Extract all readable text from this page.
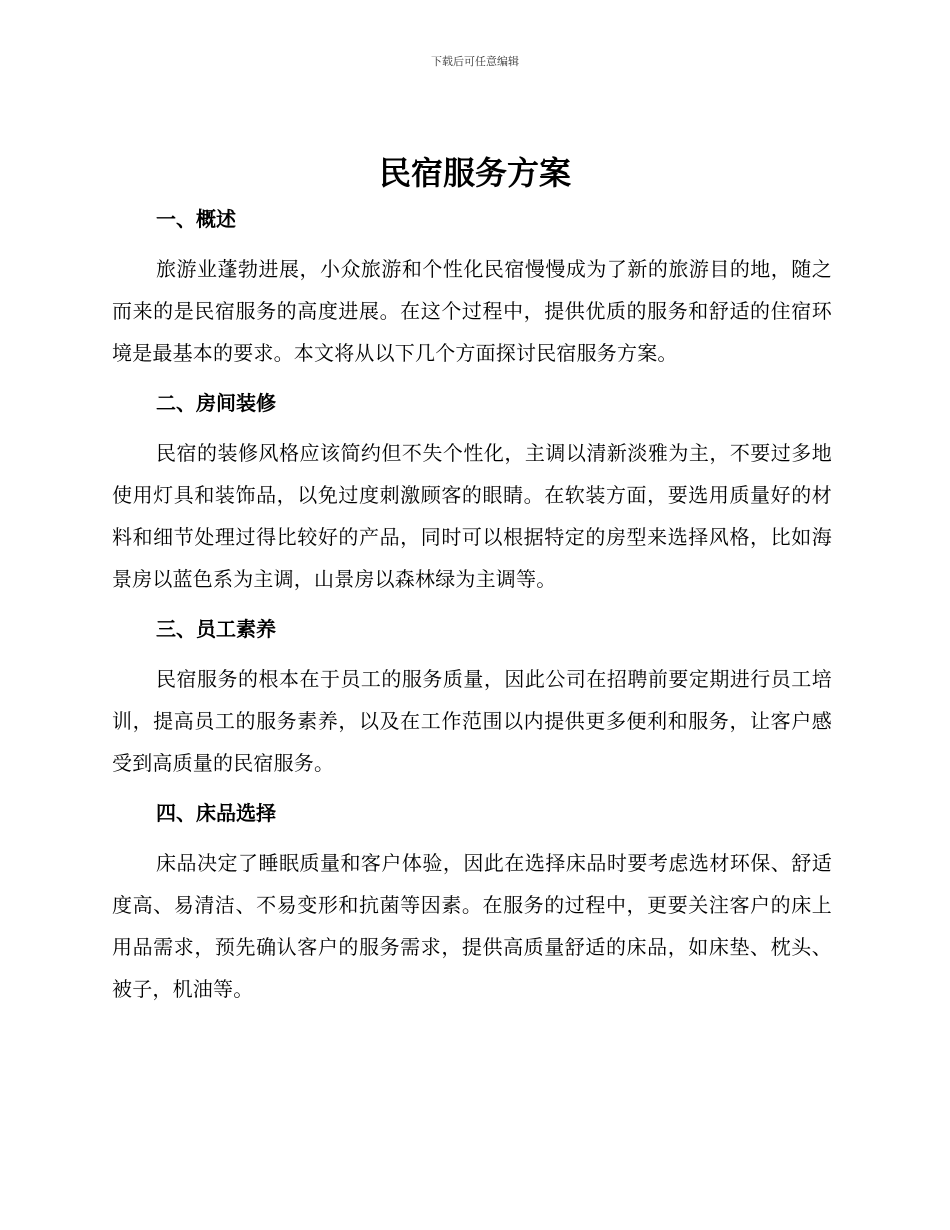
下载后可任意编辑
民宿服务方案
一、概述

旅游业蓬勃进展，小众旅游和个性化民宿慢慢成为了新的旅游目的地，随之而来的是民宿服务的高度进展。在这个过程中，提供优质的服务和舒适的住宿环境是最基本的要求。本文将从以下几个方面探讨民宿服务方案。

二、房间装修

民宿的装修风格应该简约但不失个性化，主调以清新淡雅为主，不要过多地使用灯具和装饰品，以免过度刺激顾客的眼睛。在软装方面，要选用质量好的材料和细节处理过得比较好的产品，同时可以根据特定的房型来选择风格，比如海景房以蓝色系为主调，山景房以森林绿为主调等。

三、员工素养

民宿服务的根本在于员工的服务质量，因此公司在招聘前要定期进行员工培训，提高员工的服务素养，以及在工作范围以内提供更多便利和服务，让客户感受到高质量的民宿服务。

四、床品选择

床品决定了睡眠质量和客户体验，因此在选择床品时要考虑选材环保、舒适度高、易清洁、不易变形和抗菌等因素。在服务的过程中，更要关注客户的床上用品需求，预先确认客户的服务需求，提供高质量舒适的床品，如床垫、枕头、被子，机油等。
